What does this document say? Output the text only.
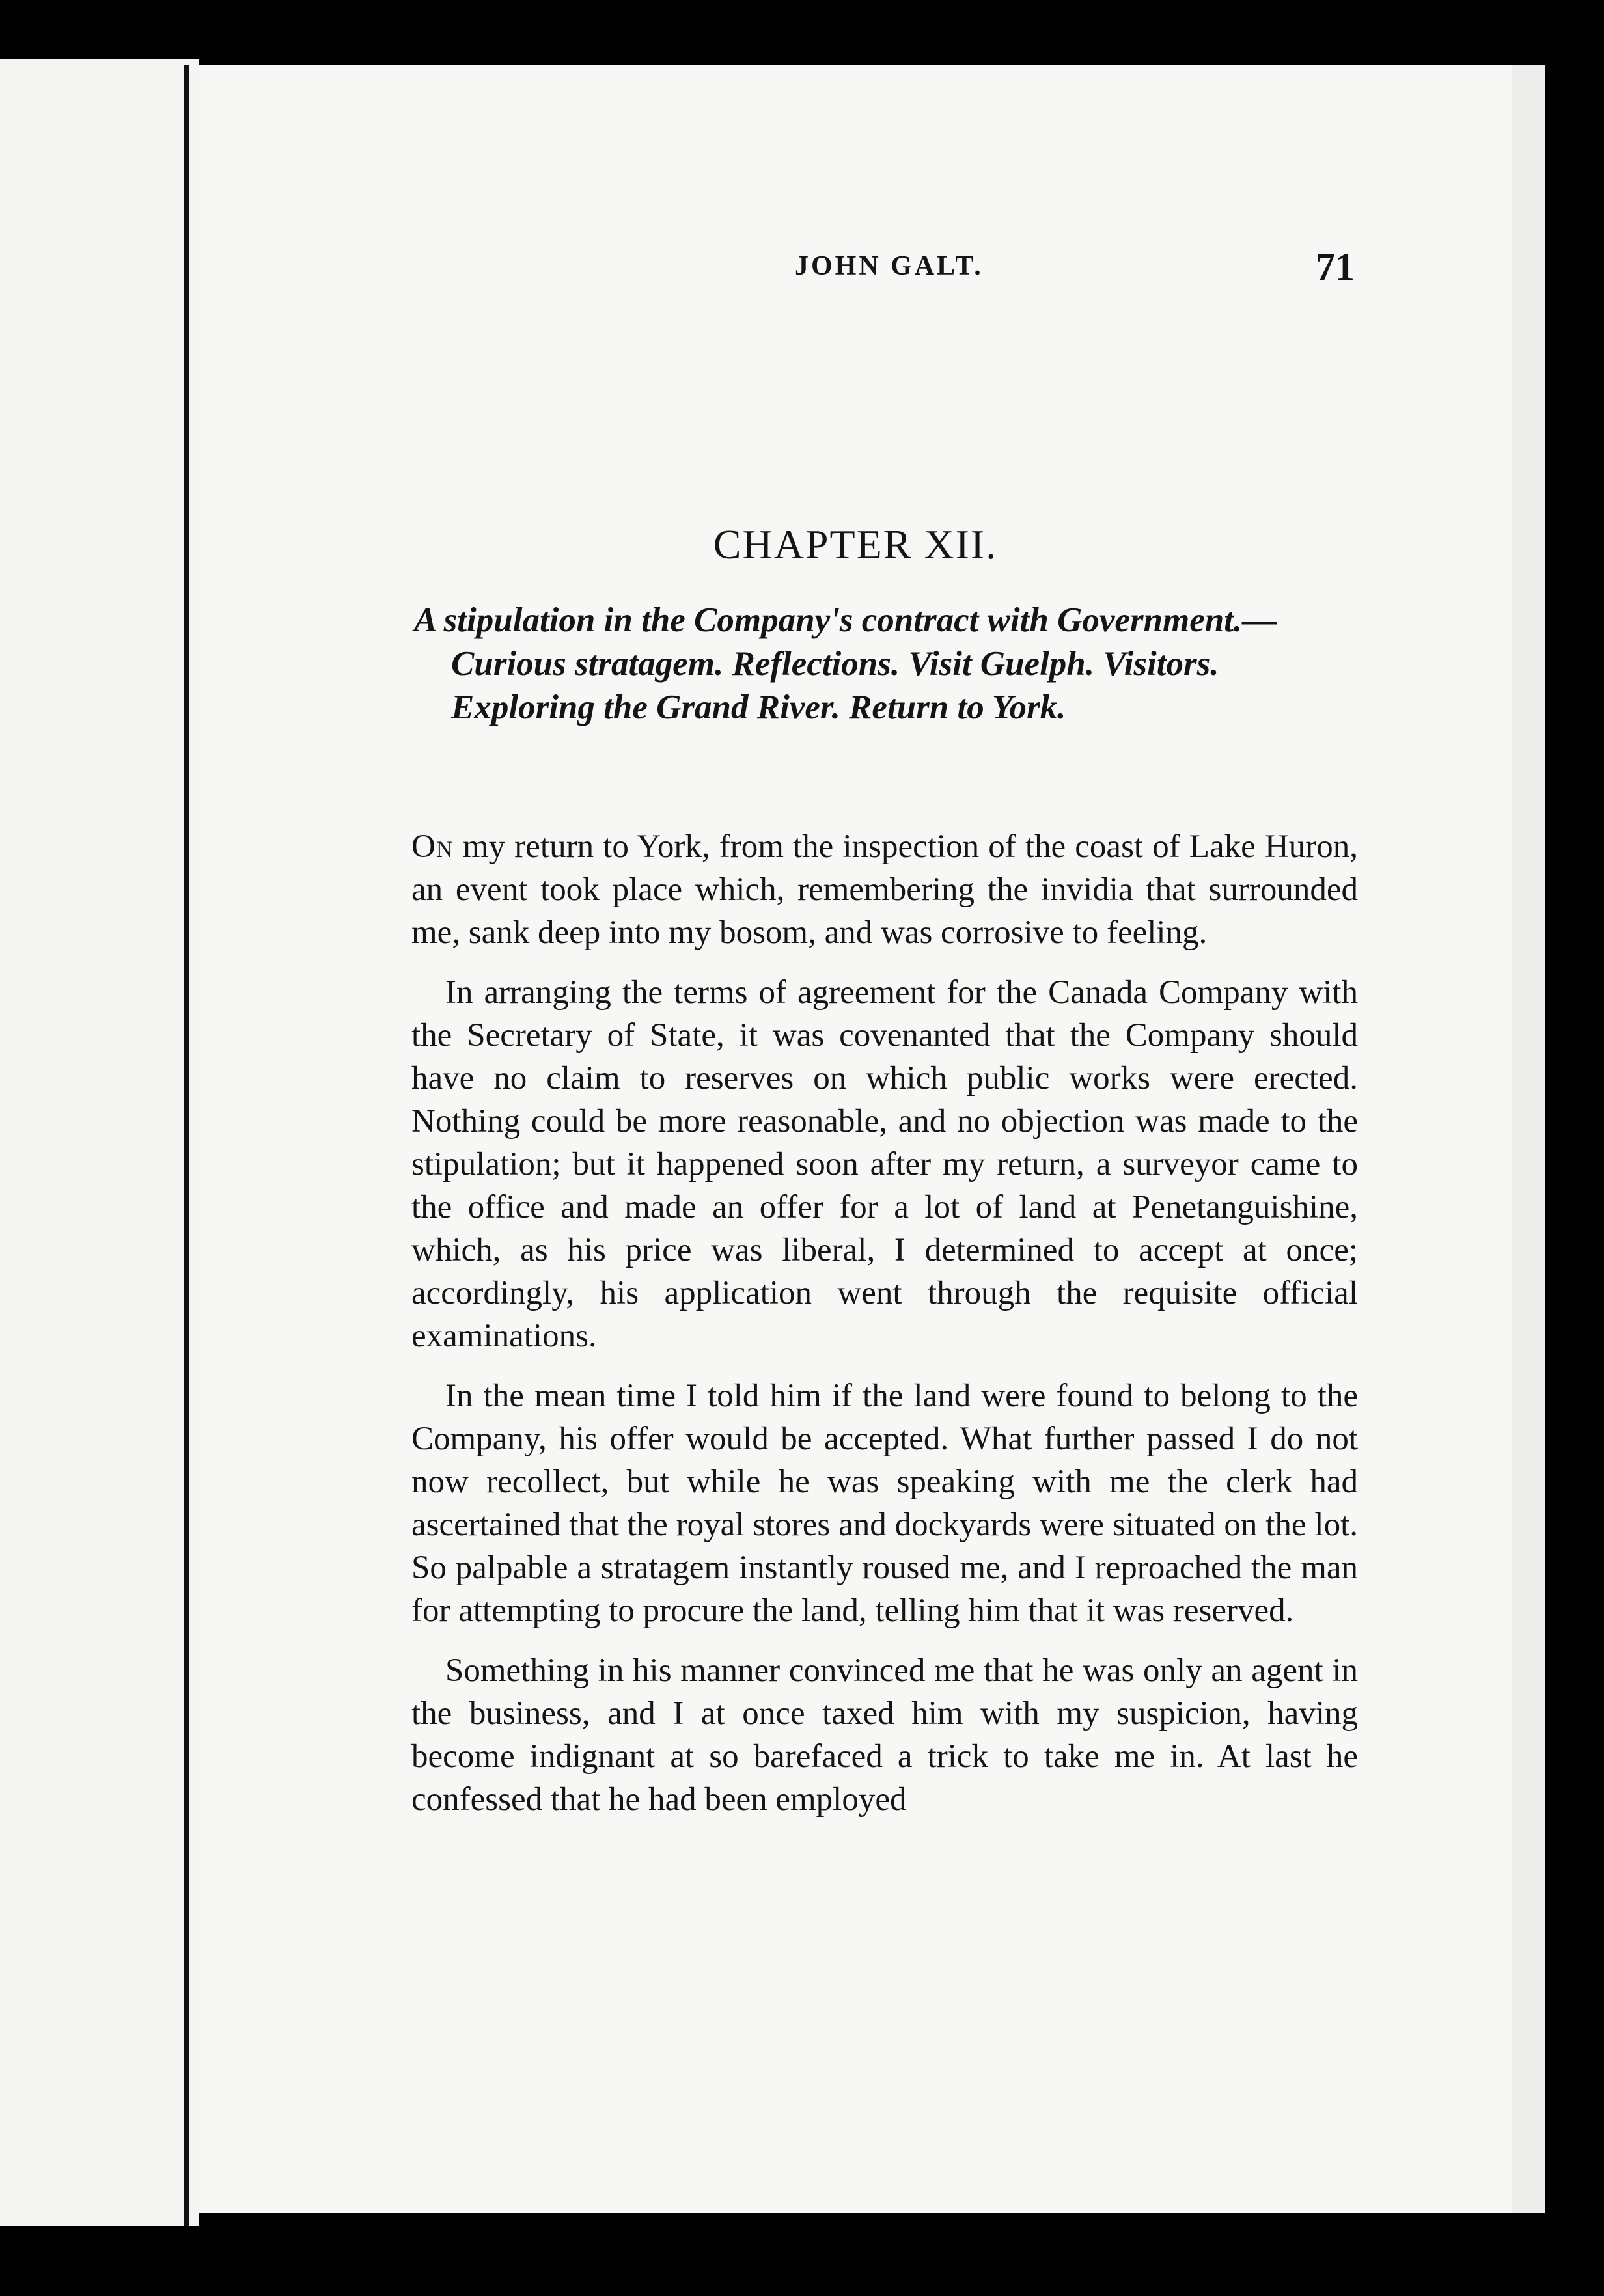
JOHN GALT.	71
CHAPTER XII.
A stipulation in the Company's contract with Government.—
Curious stratagem. Reflections. Visit Guelph. Visitors.
Exploring the Grand River. Return to York.

On my return to York, from the inspection of the coast of Lake Huron, an event took place which, remembering the invidia that surrounded me, sank deep into my bosom, and was corrosive to feeling.

In arranging the terms of agreement for the Canada Company with the Secretary of State, it was covenanted that the Company should have no claim to reserves on which public works were erected. Nothing could be more reasonable, and no objection was made to the stipulation; but it happened soon after my return, a surveyor came to the office and made an offer for a lot of land at Penetanguishine, which, as his price was liberal, I determined to accept at once; accordingly, his application went through the requisite official examinations.

In the mean time I told him if the land were found to belong to the Company, his offer would be accepted. What further passed I do not now recollect, but while he was speaking with me the clerk had ascertained that the royal stores and dockyards were situated on the lot. So palpable a stratagem instantly roused me, and I reproached the man for attempting to procure the land, telling him that it was reserved.

Something in his manner convinced me that he was only an agent in the business, and I at once taxed him with my suspicion, having become indignant at so barefaced a trick to take me in. At last he confessed that he had been employed
